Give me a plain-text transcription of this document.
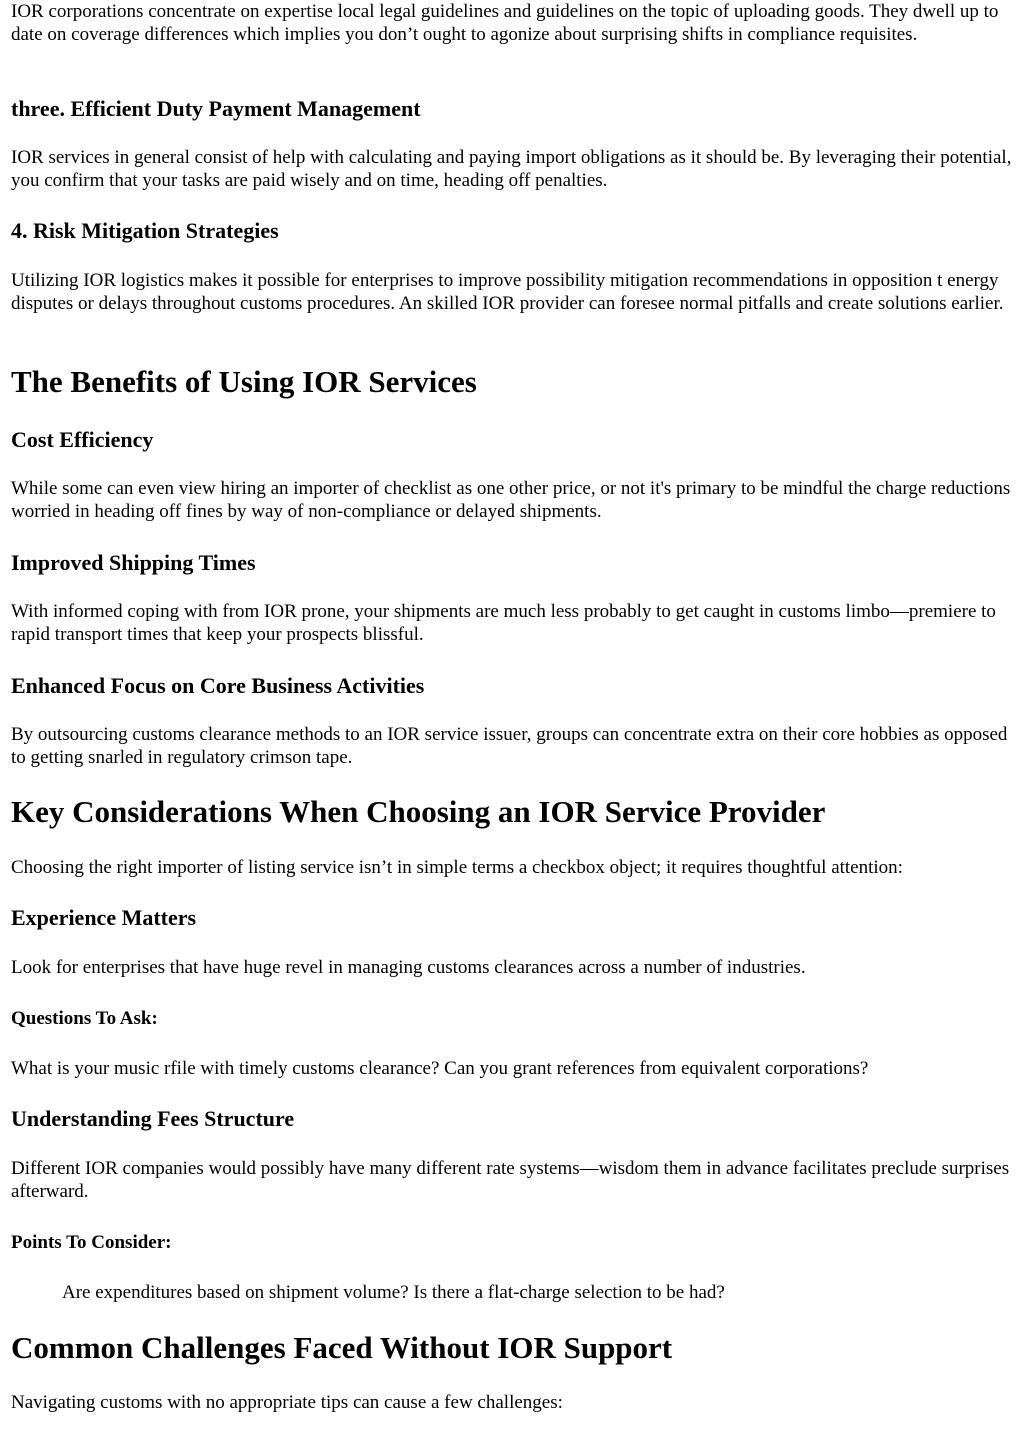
IOR corporations concentrate on expertise local legal guidelines and guidelines on the topic of uploading goods. They dwell up to date on coverage differences which implies you don’t ought to agonize about surprising shifts in compliance requisites.

three. Efficient Duty Payment Management

IOR services in general consist of help with calculating and paying import obligations as it should be. By leveraging their potential, you confirm that your tasks are paid wisely and on time, heading off penalties.

4. Risk Mitigation Strategies

Utilizing IOR logistics makes it possible for enterprises to improve possibility mitigation recommendations in opposition t energy disputes or delays throughout customs procedures. An skilled IOR provider can foresee normal pitfalls and create solutions earlier.

The Benefits of Using IOR Services
Cost Efficiency

While some can even view hiring an importer of checklist as one other price, or not it's primary to be mindful the charge reductions worried in heading off fines by way of non-compliance or delayed shipments.

Improved Shipping Times

With informed coping with from IOR prone, your shipments are much less probably to get caught in customs limbo—premiere to rapid transport times that keep your prospects blissful.

Enhanced Focus on Core Business Activities

By outsourcing customs clearance methods to an IOR service issuer, groups can concentrate extra on their core hobbies as opposed to getting snarled in regulatory crimson tape.

Key Considerations When Choosing an IOR Service Provider

Choosing the right importer of listing service isn’t in simple terms a checkbox object; it requires thoughtful attention:

Experience Matters

Look for enterprises that have huge revel in managing customs clearances across a number of industries.

Questions To Ask:

What is your music rfile with timely customs clearance? Can you grant references from equivalent corporations?

Understanding Fees Structure

Different IOR companies would possibly have many different rate systems—wisdom them in advance facilitates preclude surprises afterward.

Points To Consider:
Are expenditures based on shipment volume? Is there a flat-charge selection to be had?
Common Challenges Faced Without IOR Support

Navigating customs with no appropriate tips can cause a few challenges:
